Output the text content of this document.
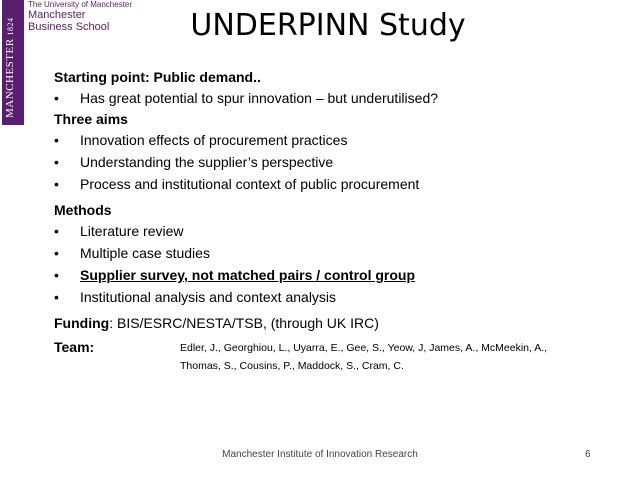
MANCHESTER1824
The University of Manchester
Manchester
Business School	UNDERPINN Study
Starting point: Public demand..
• Has great potential to spur innovation – but underutilised?
Three aims
• Innovation effects of procurement practices
• Understanding the supplier’s perspective
• Process and institutional context of public procurement
Methods
• Literature review
• Multiple case studies
• Supplier survey, not matched pairs / control group
• Institutional analysis and context analysis
Funding: BIS/ESRC/NESTA/TSB, (through UK IRC)
Team:	Edler, J., Georghiou, L., Uyarra, E., Gee, S., Yeow, J, James, A., McMeekin, A.,
Thomas, S., Cousins, P., Maddock, S., Cram, C.
Manchester Institute of Innovation Research	6
